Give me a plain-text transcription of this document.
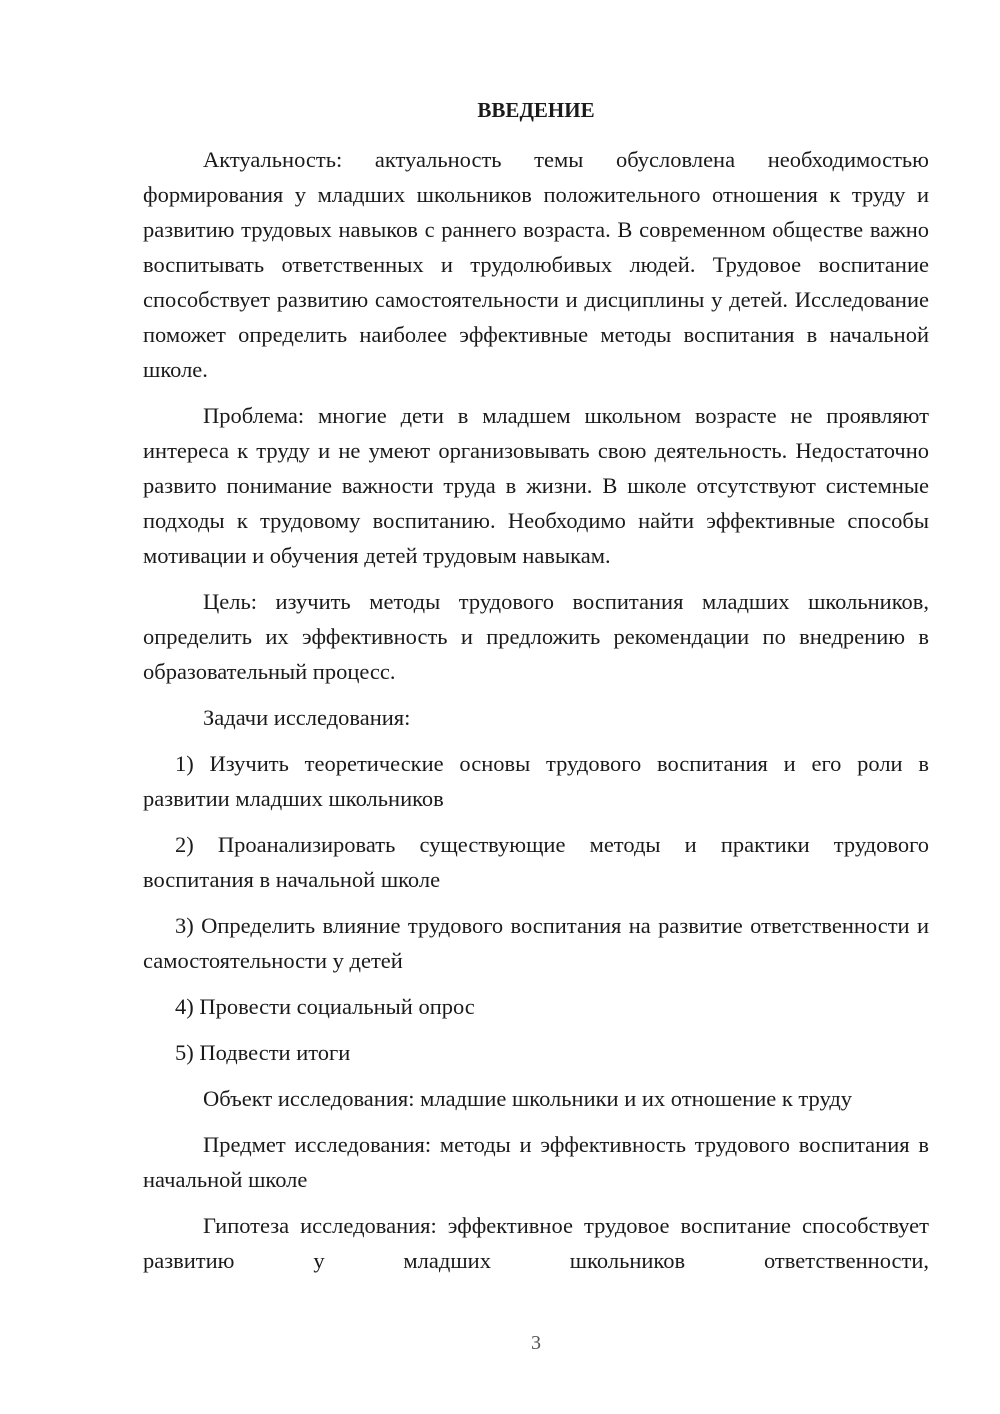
ВВЕДЕНИЕ

Актуальность: актуальность темы обусловлена необходимостью формирования у младших школьников положительного отношения к труду и развитию трудовых навыков с раннего возраста. В современном обществе важно воспитывать ответственных и трудолюбивых людей. Трудовое воспитание способствует развитию самостоятельности и дисциплины у детей. Исследование поможет определить наиболее эффективные методы воспитания в начальной школе.

Проблема: многие дети в младшем школьном возрасте не проявляют интереса к труду и не умеют организовывать свою деятельность. Недостаточно развито понимание важности труда в жизни. В школе отсутствуют системные подходы к трудовому воспитанию. Необходимо найти эффективные способы мотивации и обучения детей трудовым навыкам.

Цель: изучить методы трудового воспитания младших школьников, определить их эффективность и предложить рекомендации по внедрению в образовательный процесс.

Задачи исследования:

1) Изучить теоретические основы трудового воспитания и его роли в развитии младших школьников

2) Проанализировать существующие методы и практики трудового воспитания в начальной школе

3) Определить влияние трудового воспитания на развитие ответственности и самостоятельности у детей

4) Провести социальный опрос

5) Подвести итоги

Объект исследования: младшие школьники и их отношение к труду

Предмет исследования: методы и эффективность трудового воспитания в начальной школе

Гипотеза исследования: эффективное трудовое воспитание способствует развитию у младших школьников ответственности,

3
